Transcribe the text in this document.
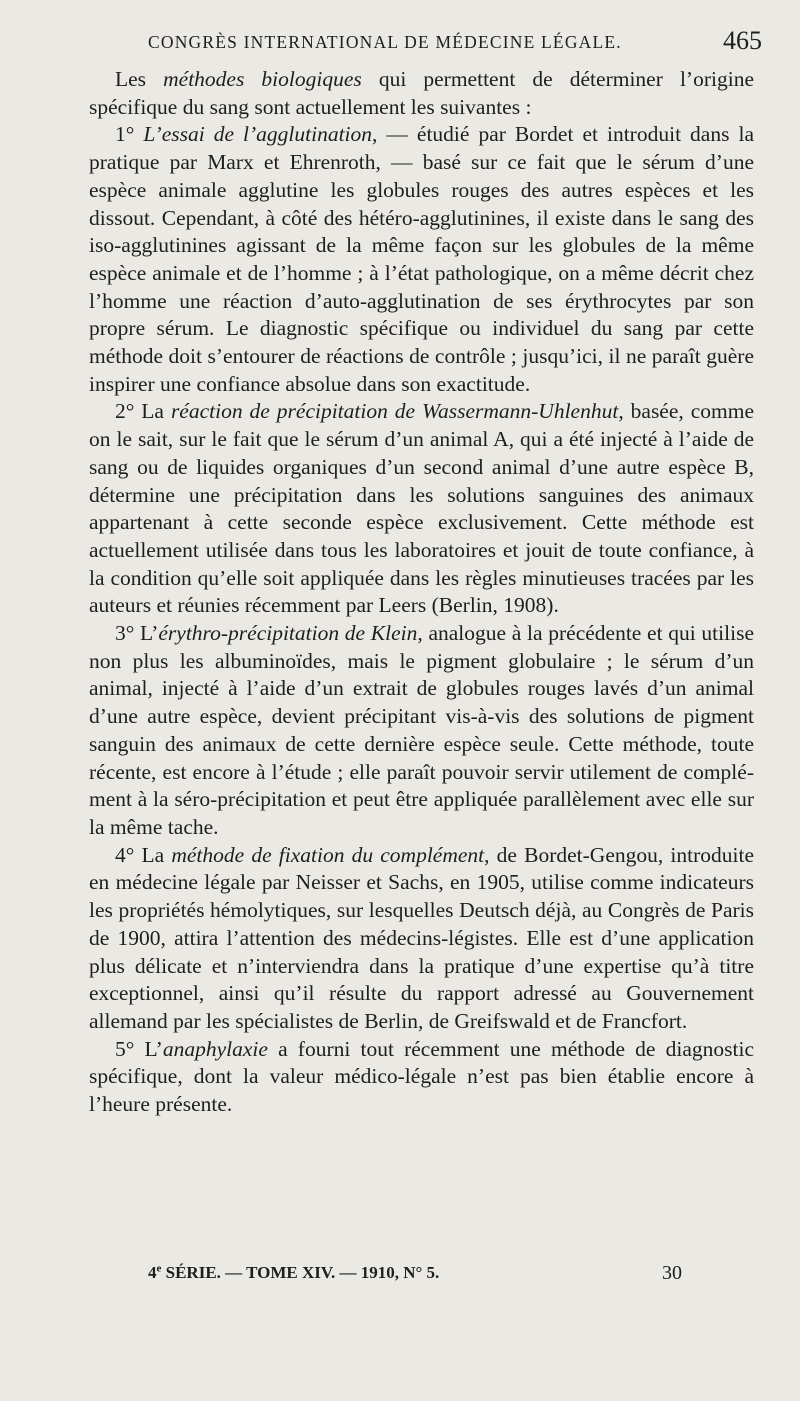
CONGRÈS INTERNATIONAL DE MÉDECINE LÉGALE.	465

Les méthodes biologiques qui permettent de déterminer l’origine spécifique du sang sont actuellement les suivantes :

1° L’essai de l’agglutination, — étudié par Bordet et introduit dans la pratique par Marx et Ehrenroth, — basé sur ce fait que le sérum d’une espèce animale agglutine les globules rouges des autres espèces et les dissout. Cependant, à côté des hétéro-agglutinines, il existe dans le sang des iso-agglutinines agissant de la même façon sur les globules de la même espèce animale et de l’homme ; à l’état pathologique, on a même décrit chez l’homme une réaction d’auto-agglutination de ses érythrocytes par son propre sérum. Le diagnostic spécifique ou individuel du sang par cette méthode doit s’entourer de réactions de contrôle ; jusqu’ici, il ne paraît guère inspirer une confiance absolue dans son exactitude.

2° La réaction de précipitation de Wassermann-Uhlenhut, basée, comme on le sait, sur le fait que le sérum d’un animal A, qui a été injecté à l’aide de sang ou de liquides organiques d’un second animal d’une autre espèce B, détermine une précipitation dans les solutions sanguines des animaux appartenant à cette seconde espèce exclusivement. Cette méthode est actuellement utilisée dans tous les laboratoires et jouit de toute confiance, à la condition qu’elle soit appliquée dans les règles minutieuses tracées par les auteurs et réunies récemment par Leers (Berlin, 1908).

3° L’érythro-précipitation de Klein, analogue à la précédente et qui utilise non plus les albuminoïdes, mais le pigment globulaire ; le sérum d’un animal, injecté à l’aide d’un extrait de globules rouges lavés d’un animal d’une autre espèce, devient précipitant vis-à-vis des solutions de pigment sanguin des animaux de cette dernière espèce seule. Cette méthode, toute récente, est encore à l’étude ; elle paraît pouvoir servir utilement de complément à la séro-précipitation et peut être appliquée parallèlement avec elle sur la même tache.

4° La méthode de fixation du complément, de Bordet-Gengou, introduite en médecine légale par Neisser et Sachs, en 1905, utilise comme indicateurs les propriétés hémolytiques, sur lesquelles Deutsch déjà, au Congrès de Paris de 1900, attira l’attention des médecins-légistes. Elle est d’une application plus délicate et n’interviendra dans la pratique d’une expertise qu’à titre exceptionnel, ainsi qu’il résulte du rapport adressé au Gouvernement allemand par les spécialistes de Berlin, de Greifswald et de Francfort.

5° L’anaphylaxie a fourni tout récemment une méthode de diagnostic spécifique, dont la valeur médico-légale n’est pas bien établie encore à l’heure présente.

4e SÉRIE. — TOME XIV. — 1910, N° 5.	30
